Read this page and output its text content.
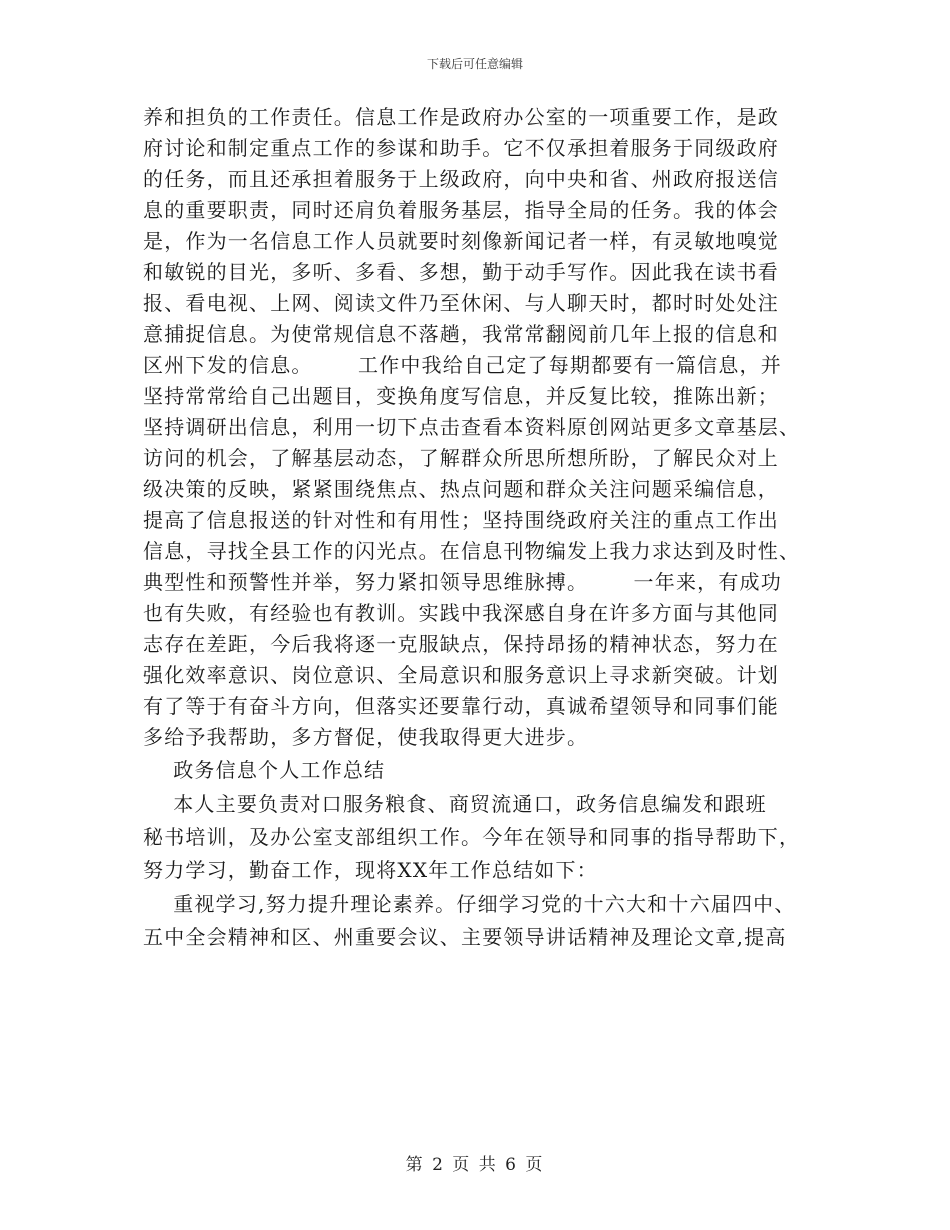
下载后可任意编辑
养和担负的工作责任。信息工作是政府办公室的一项重要工作，是政
府讨论和制定重点工作的参谋和助手。它不仅承担着服务于同级政府
的任务，而且还承担着服务于上级政府，向中央和省、州政府报送信
息的重要职责，同时还肩负着服务基层，指导全局的任务。我的体会
是，作为一名信息工作人员就要时刻像新闻记者一样，有灵敏地嗅觉
和敏锐的目光，多听、多看、多想，勤于动手写作。因此我在读书看
报、看电视、上网、阅读文件乃至休闲、与人聊天时，都时时处处注
意捕捉信息。为使常规信息不落趟，我常常翻阅前几年上报的信息和
区州下发的信息。      工作中我给自己定了每期都要有一篇信息，并
坚持常常给自己出题目，变换角度写信息，并反复比较，推陈出新；
坚持调研出信息，利用一切下点击查看本资料原创网站更多文章基层、
访问的机会，了解基层动态，了解群众所思所想所盼，了解民众对上
级决策的反映，紧紧围绕焦点、热点问题和群众关注问题采编信息，
提高了信息报送的针对性和有用性；坚持围绕政府关注的重点工作出
信息，寻找全县工作的闪光点。在信息刊物编发上我力求达到及时性、
典型性和预警性并举，努力紧扣领导思维脉搏。      一年来，有成功
也有失败，有经验也有教训。实践中我深感自身在许多方面与其他同
志存在差距，今后我将逐一克服缺点，保持昂扬的精神状态，努力在
强化效率意识、岗位意识、全局意识和服务意识上寻求新突破。计划
有了等于有奋斗方向，但落实还要靠行动，真诚希望领导和同事们能
多给予我帮助，多方督促，使我取得更大进步。
政务信息个人工作总结
本人主要负责对口服务粮食、商贸流通口，政务信息编发和跟班
秘书培训，及办公室支部组织工作。今年在领导和同事的指导帮助下，
努力学习，勤奋工作，现将XX年工作总结如下：
重视学习,努力提升理论素养。仔细学习党的十六大和十六届四中、
五中全会精神和区、州重要会议、主要领导讲话精神及理论文章,提高
第 2 页 共 6 页
